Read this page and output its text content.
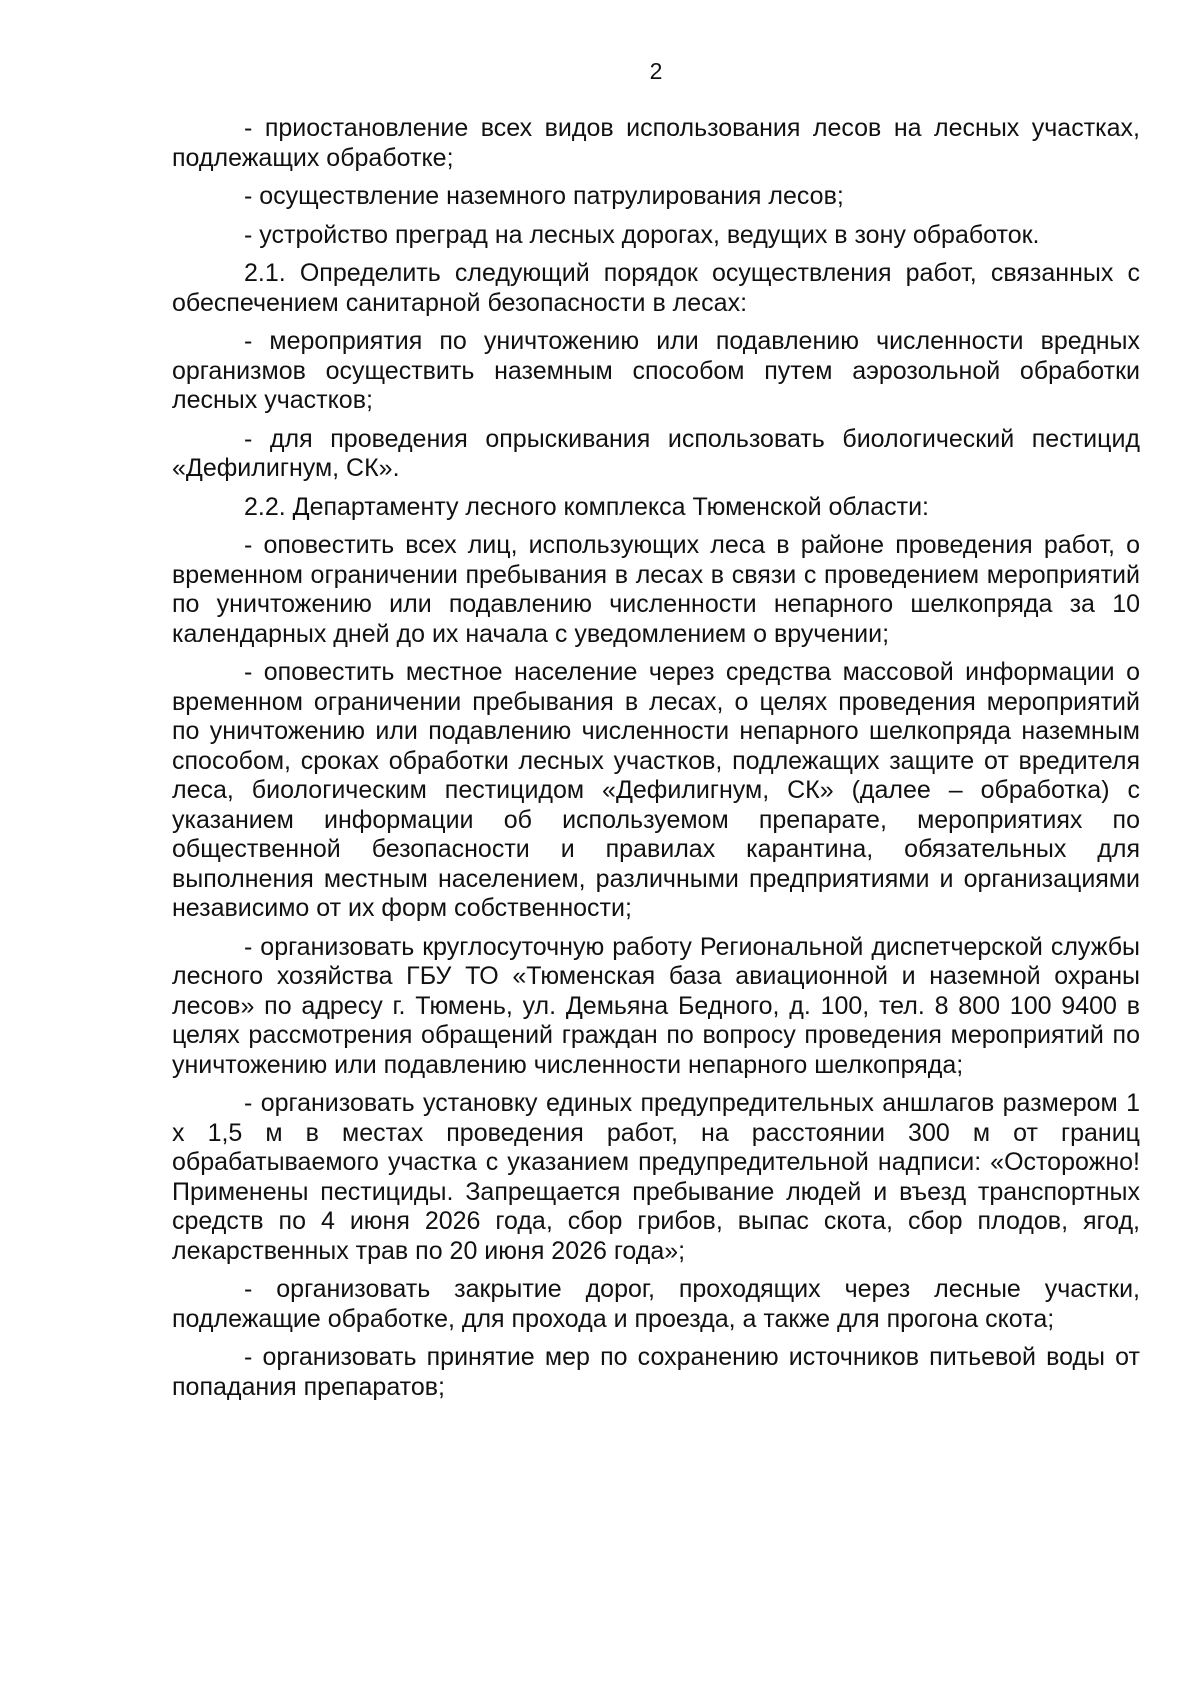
2

- приостановление всех видов использования лесов на лесных участках, подлежащих обработке;

- осуществление наземного патрулирования лесов;

- устройство преград на лесных дорогах, ведущих в зону обработок.

2.1. Определить следующий порядок осуществления работ, связанных с обеспечением санитарной безопасности в лесах:

- мероприятия по уничтожению или подавлению численности вредных организмов осуществить наземным способом путем аэрозольной обработки лесных участков;

- для проведения опрыскивания использовать биологический пестицид «Дефилигнум, СК».

2.2. Департаменту лесного комплекса Тюменской области:

- оповестить всех лиц, использующих леса в районе проведения работ, о временном ограничении пребывания в лесах в связи с проведением мероприятий по уничтожению или подавлению численности непарного шелкопряда за 10 календарных дней до их начала с уведомлением о вручении;

- оповестить местное население через средства массовой информации о временном ограничении пребывания в лесах, о целях проведения мероприятий по уничтожению или подавлению численности непарного шелкопряда наземным способом, сроках обработки лесных участков, подлежащих защите от вредителя леса, биологическим пестицидом «Дефилигнум, СК» (далее – обработка) с указанием информации об используемом препарате, мероприятиях по общественной безопасности и правилах карантина, обязательных для выполнения местным населением, различными предприятиями и организациями независимо от их форм собственности;

- организовать круглосуточную работу Региональной диспетчерской службы лесного хозяйства ГБУ ТО «Тюменская база авиационной и наземной охраны лесов» по адресу г. Тюмень, ул. Демьяна Бедного, д. 100, тел. 8 800 100 9400 в целях рассмотрения обращений граждан по вопросу проведения мероприятий по уничтожению или подавлению численности непарного шелкопряда;

- организовать установку единых предупредительных аншлагов размером 1 х 1,5 м в местах проведения работ, на расстоянии 300 м от границ обрабатываемого участка с указанием предупредительной надписи: «Осторожно! Применены пестициды. Запрещается пребывание людей и въезд транспортных средств по 4 июня 2026 года, сбор грибов, выпас скота, сбор плодов, ягод, лекарственных трав по 20 июня 2026 года»;

- организовать закрытие дорог, проходящих через лесные участки, подлежащие обработке, для прохода и проезда, а также для прогона скота;

- организовать принятие мер по сохранению источников питьевой воды от попадания препаратов;
